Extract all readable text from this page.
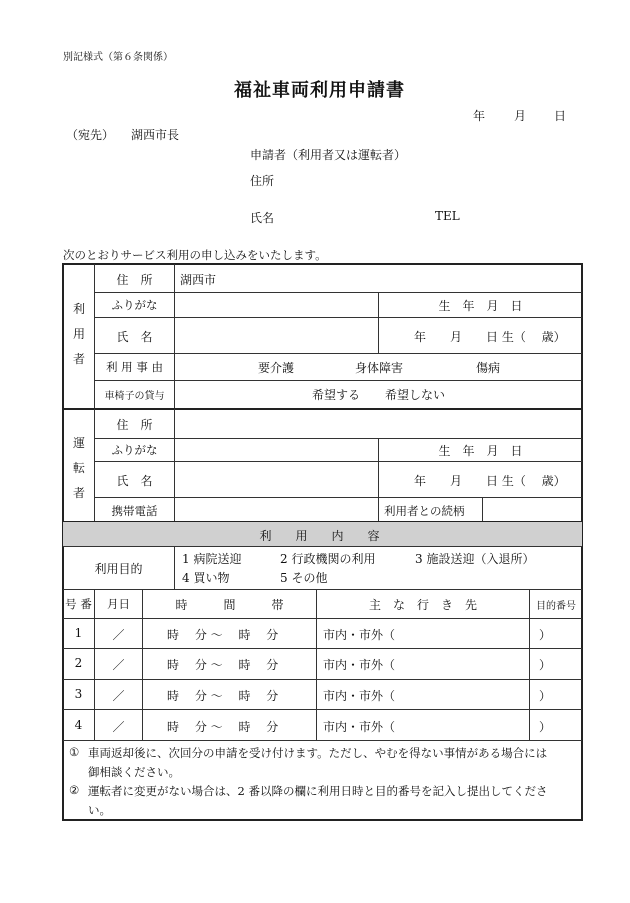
別記様式（第６条関係）
福祉車両利用申請書
年 月 日
（宛先） 湖西市長
申請者（利用者又は運転者）
住所
氏名	TEL
次のとおりサービス利用の申し込みをいたします。
利
用
者
住　所	湖西市
ふりがな	生　年　月　日
氏　名	年　　月　　日 生（　 歳）
利 用 事 由	要介護	身体障害	傷病
車椅子の貸与	希望する 希望しない
運
転
者
住　所
ふりがな	生　年　月　日
氏　名	年　　月　　日 生（　 歳）
携帯電話	利用者との続柄
利　用　内　容
利用目的
1 病院送迎	2 行政機関の利用	3 施設送迎（入退所）
4 買い物	5 その他
号 番	月日	時　　　間　　　帯	主　な　行　き　先	目的番号
1	／	時　 分 ～　 時　 分	市内・市外（　　　　　　　　　　　　）
2	／	時　 分 ～　 時　 分	市内・市外（　　　　　　　　　　　　）
3	／	時　 分 ～　 時　 分	市内・市外（　　　　　　　　　　　　）
4	／	時　 分 ～　 時　 分	市内・市外（　　　　　　　　　　　　）
① 車両返却後に、次回分の申請を受け付けます。ただし、やむを得ない事情がある場合には
御相談ください。
② 運転者に変更がない場合は、2 番以降の欄に利用日時と目的番号を記入し提出してくださ
い。
